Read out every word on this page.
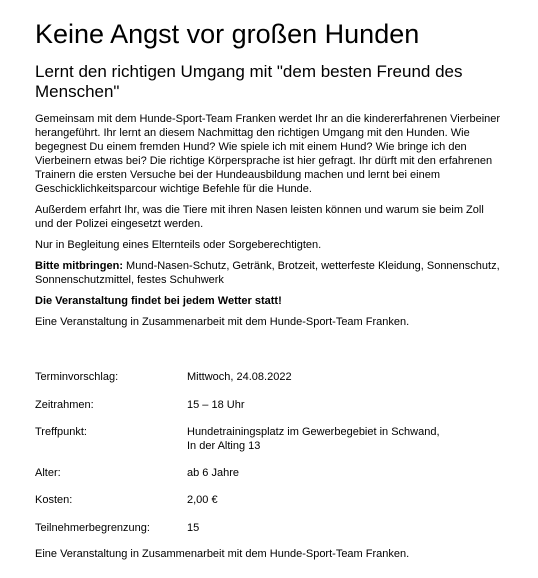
Keine Angst vor großen Hunden
Lernt den richtigen Umgang mit "dem besten Freund des Menschen"

Gemeinsam mit dem Hunde-Sport-Team Franken werdet Ihr an die kindererfahrenen Vierbeiner herangeführt. Ihr lernt an diesem Nachmittag den richtigen Umgang mit den Hunden. Wie begegnest Du einem fremden Hund? Wie spiele ich mit einem Hund? Wie bringe ich den Vierbeinern etwas bei? Die richtige Körpersprache ist hier gefragt. Ihr dürft mit den erfahrenen Trainern die ersten Versuche bei der Hundeausbildung machen und lernt bei einem Geschicklichkeitsparcour wichtige Befehle für die Hunde.

Außerdem erfahrt Ihr, was die Tiere mit ihren Nasen leisten können und warum sie beim Zoll und der Polizei eingesetzt werden.

Nur in Begleitung eines Elternteils oder Sorgeberechtigten.

Bitte mitbringen: Mund-Nasen-Schutz, Getränk, Brotzeit, wetterfeste Kleidung, Sonnenschutz, Sonnenschutzmittel, festes Schuhwerk

Die Veranstaltung findet bei jedem Wetter statt!

Eine Veranstaltung in Zusammenarbeit mit dem Hunde-Sport-Team Franken.

Terminvorschlag:	Mittwoch, 24.08.2022
Zeitrahmen:	15 – 18 Uhr
Treffpunkt:	Hundetrainingsplatz im Gewerbegebiet in Schwand,
In der Alting 13
Alter:	ab 6 Jahre
Kosten:	2,00 €
Teilnehmerbegrenzung:	15
Eine Veranstaltung in Zusammenarbeit mit dem Hunde-Sport-Team Franken.
